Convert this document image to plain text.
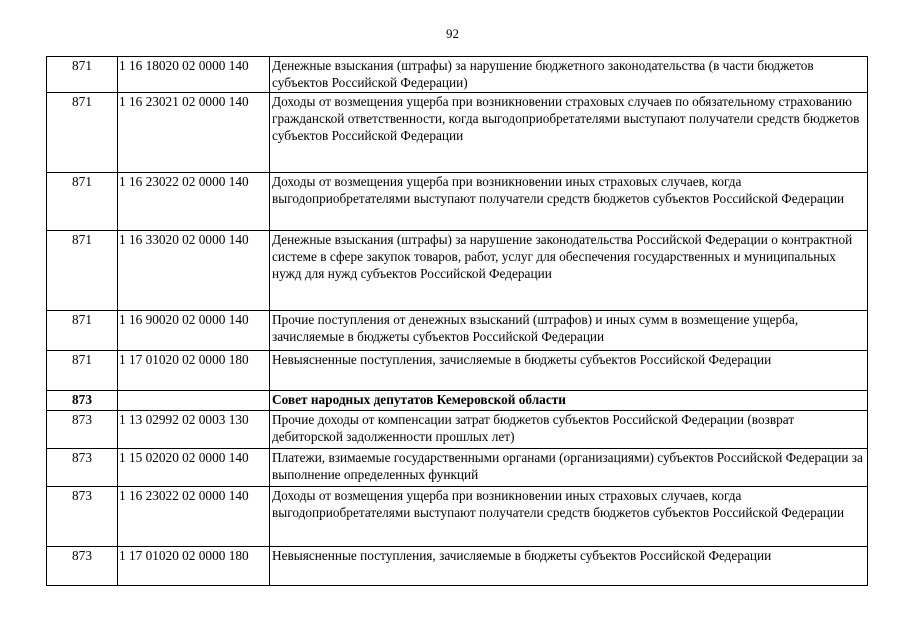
92
871	1 16 18020 02 0000 140	Денежные взыскания (штрафы) за нарушение бюджетного законодательства (в части бюджетов субъектов Российской Федерации)
871	1 16 23021 02 0000 140	Доходы от возмещения ущерба при возникновении страховых случаев по обязательному страхованию гражданской ответственности, когда выгодоприобретателями выступают получатели средств бюджетов субъектов Российской Федерации
871	1 16 23022 02 0000 140	Доходы от возмещения ущерба при возникновении иных страховых случаев, когда выгодоприобретателями выступают получатели средств бюджетов субъектов Российской Федерации
871	1 16 33020 02 0000 140	Денежные взыскания (штрафы) за нарушение законодательства Российской Федерации о контрактной системе в сфере закупок товаров, работ, услуг для обеспечения государственных и муниципальных нужд для нужд субъектов Российской Федерации
871	1 16 90020 02 0000 140	Прочие поступления от денежных взысканий (штрафов) и иных сумм в возмещение ущерба, зачисляемые в бюджеты субъектов Российской Федерации
871	1 17 01020 02 0000 180	Невыясненные поступления, зачисляемые в бюджеты субъектов Российской Федерации
873		Совет народных депутатов Кемеровской области
873	1 13 02992 02 0003 130	Прочие доходы от компенсации затрат бюджетов субъектов Российской Федерации (возврат дебиторской задолженности прошлых лет)
873	1 15 02020 02 0000 140	Платежи, взимаемые государственными органами (организациями) субъектов Российской Федерации за выполнение определенных функций
873	1 16 23022 02 0000 140	Доходы от возмещения ущерба при возникновении иных страховых случаев, когда выгодоприобретателями выступают получатели средств бюджетов субъектов Российской Федерации
873	1 17 01020 02 0000 180	Невыясненные поступления, зачисляемые в бюджеты субъектов Российской Федерации
